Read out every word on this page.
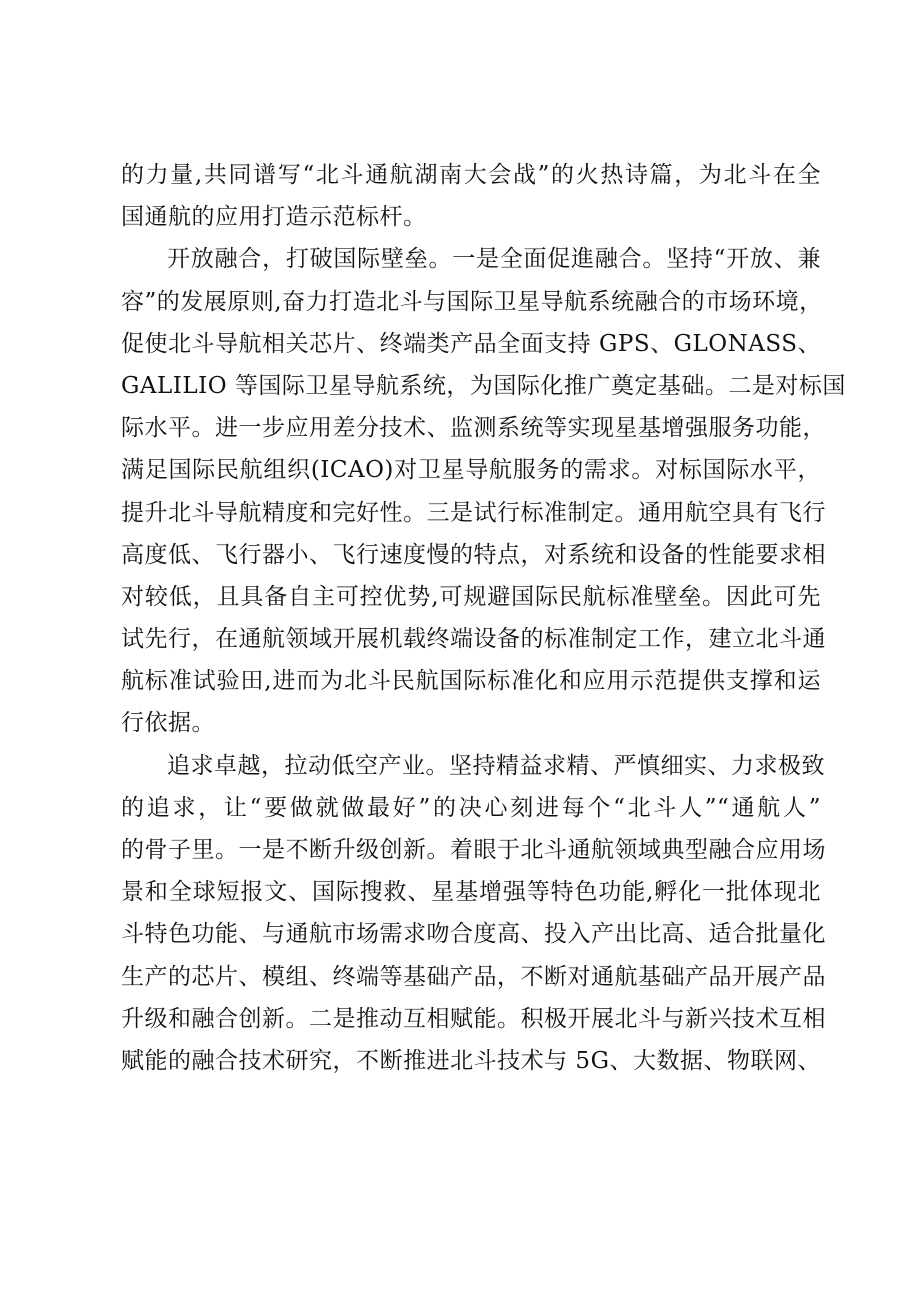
的力量,共同谱写“北斗通航湖南大会战”的火热诗篇，为北斗在全
国通航的应用打造示范标杆。
开放融合，打破国际壁垒。一是全面促進融合。坚持“开放、兼
容”的发展原则,奋力打造北斗与国际卫星导航系统融合的市场环境，
促使北斗导航相关芯片、终端类产品全面支持 GPS、GLONASS、
GALILIO 等国际卫星导航系统，为国际化推广奠定基础。二是对标国
际水平。进一步应用差分技术、监测系统等实现星基增强服务功能，
满足国际民航组织(ICAO)对卫星导航服务的需求。对标国际水平，
提升北斗导航精度和完好性。三是试行标准制定。通用航空具有飞行
高度低、飞行器小、飞行速度慢的特点，对系统和设备的性能要求相
对较低，且具备自主可控优势,可规避国际民航标准壁垒。因此可先
试先行，在通航领域开展机载终端设备的标准制定工作，建立北斗通
航标准试验田,进而为北斗民航国际标准化和应用示范提供支撑和运
行依据。
追求卓越，拉动低空产业。坚持精益求精、严慎细实、力求极致
的追求，让“要做就做最好”的决心刻进每个“北斗人”“通航人”
的骨子里。一是不断升级创新。着眼于北斗通航领域典型融合应用场
景和全球短报文、国际搜救、星基增强等特色功能,孵化一批体现北
斗特色功能、与通航市场需求吻合度高、投入产出比高、适合批量化
生产的芯片、模组、终端等基础产品，不断对通航基础产品开展产品
升级和融合创新。二是推动互相赋能。积极开展北斗与新兴技术互相
赋能的融合技术研究，不断推进北斗技术与 5G、大数据、物联网、
